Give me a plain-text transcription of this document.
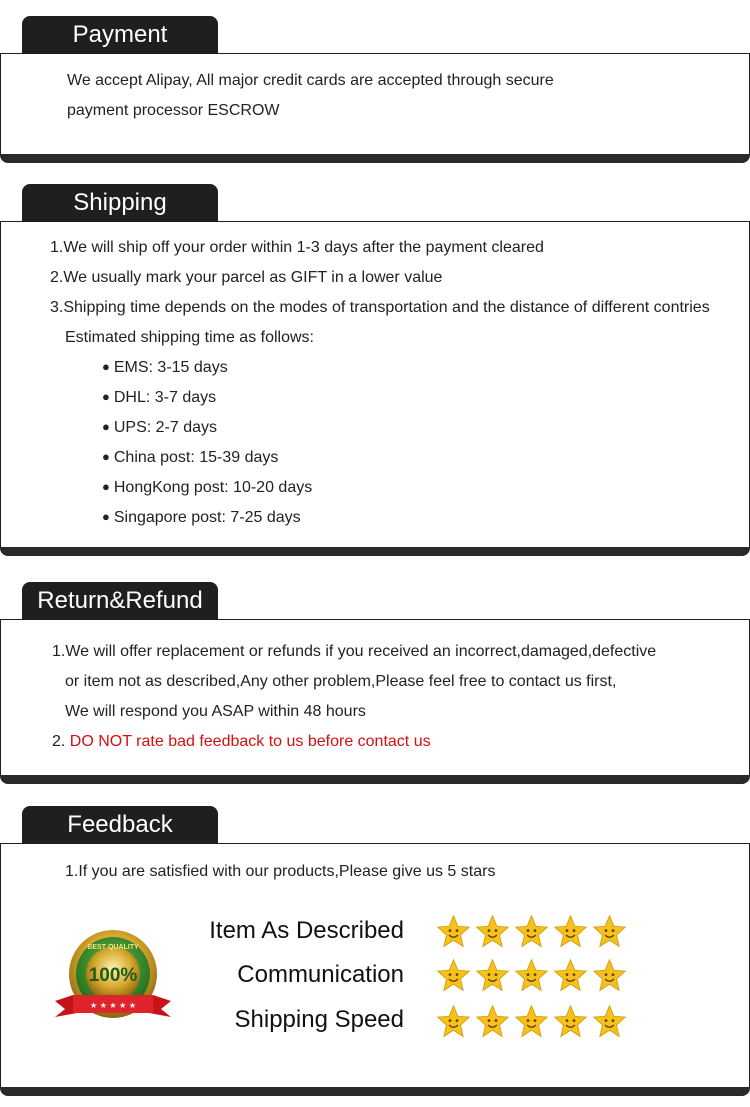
Payment
We accept Alipay, All major credit cards are accepted through secure
payment processor ESCROW
Shipping
1.We will ship off your order within 1-3 days after the payment cleared
2.We usually mark your parcel as GIFT in a lower value
3.Shipping time depends on the modes of transportation and the distance of different contries
Estimated shipping time as follows:
● EMS: 3-15 days
● DHL: 3-7 days
● UPS: 2-7 days
● China post: 15-39 days
● HongKong post: 10-20 days
● Singapore post: 7-25 days
Return&Refund
1.We will offer replacement or refunds if you received an incorrect,damaged,defective
or item not as described,Any other problem,Please feel free to contact us first,
We will respond you ASAP within 48 hours
2. DO NOT rate bad feedback to us before contact us
Feedback
1.If you are satisfied with our products,Please give us 5 stars
100%
BEST QUALITY
★ ★ ★ ★ ★
Item As Described
Communication
Shipping Speed
